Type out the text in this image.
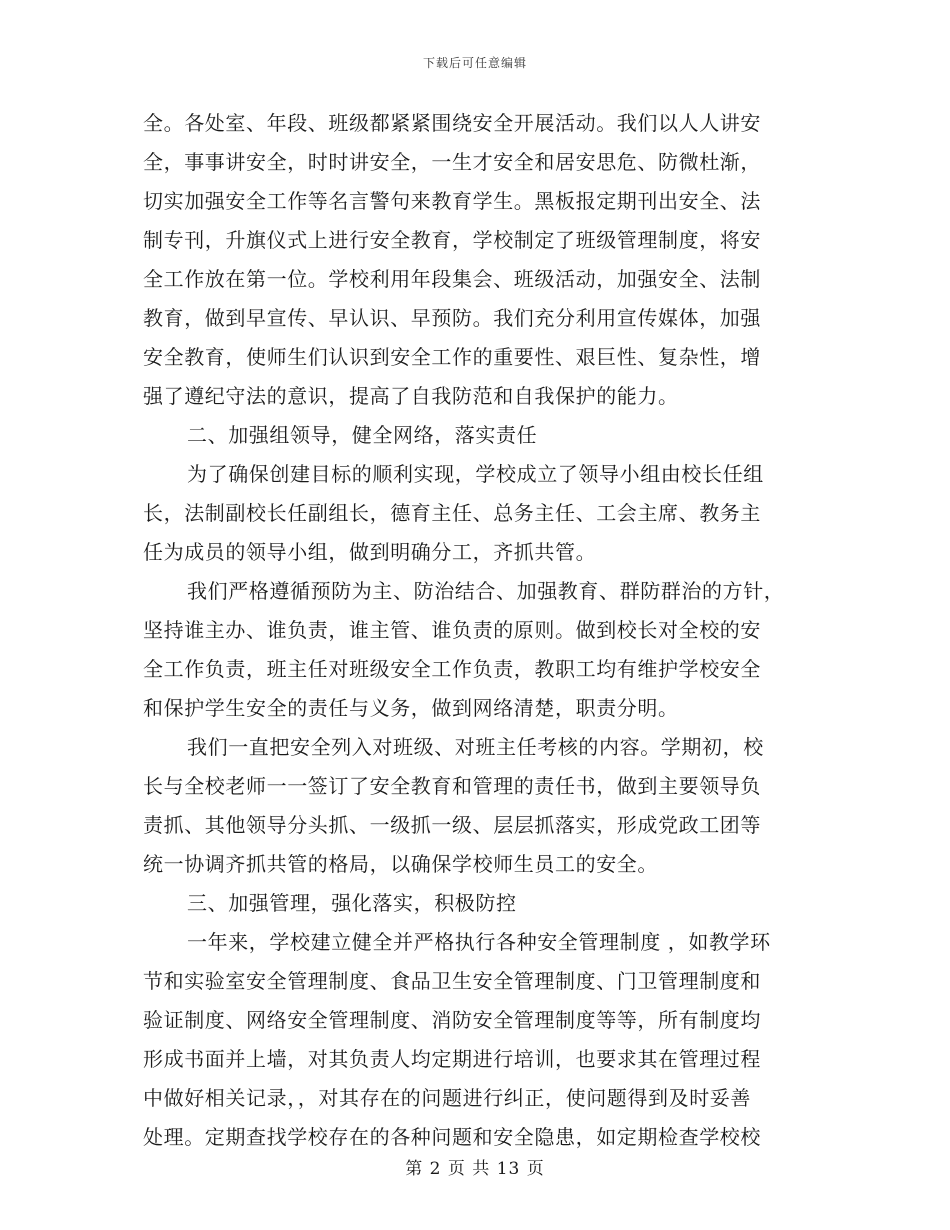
下载后可任意编辑
全。各处室、年段、班级都紧紧围绕安全开展活动。我们以人人讲安
全，事事讲安全，时时讲安全，一生才安全和居安思危、防微杜渐，
切实加强安全工作等名言警句来教育学生。黑板报定期刊出安全、法
制专刊，升旗仪式上进行安全教育，学校制定了班级管理制度，将安
全工作放在第一位。学校利用年段集会、班级活动，加强安全、法制
教育，做到早宣传、早认识、早预防。我们充分利用宣传媒体，加强
安全教育，使师生们认识到安全工作的重要性、艰巨性、复杂性，增
强了遵纪守法的意识，提高了自我防范和自我保护的能力。
二、加强组领导，健全网络，落实责任
为了确保创建目标的顺利实现，学校成立了领导小组由校长任组
长，法制副校长任副组长，德育主任、总务主任、工会主席、教务主
任为成员的领导小组，做到明确分工，齐抓共管。
我们严格遵循预防为主、防治结合、加强教育、群防群治的方针，
坚持谁主办、谁负责，谁主管、谁负责的原则。做到校长对全校的安
全工作负责，班主任对班级安全工作负责，教职工均有维护学校安全
和保护学生安全的责任与义务，做到网络清楚，职责分明。
我们一直把安全列入对班级、对班主任考核的内容。学期初，校
长与全校老师一一签订了安全教育和管理的责任书，做到主要领导负
责抓、其他领导分头抓、一级抓一级、层层抓落实，形成党政工团等
统一协调齐抓共管的格局，以确保学校师生员工的安全。
三、加强管理，强化落实，积极防控
一年来，学校建立健全并严格执行各种安全管理制度 ，如教学环
节和实验室安全管理制度、食品卫生安全管理制度、门卫管理制度和
验证制度、网络安全管理制度、消防安全管理制度等等，所有制度均
形成书面并上墙，对其负责人均定期进行培训，也要求其在管理过程
中做好相关记录，，对其存在的问题进行纠正，使问题得到及时妥善
处理。定期查找学校存在的各种问题和安全隐患，如定期检查学校校
第 2 页 共 13 页
